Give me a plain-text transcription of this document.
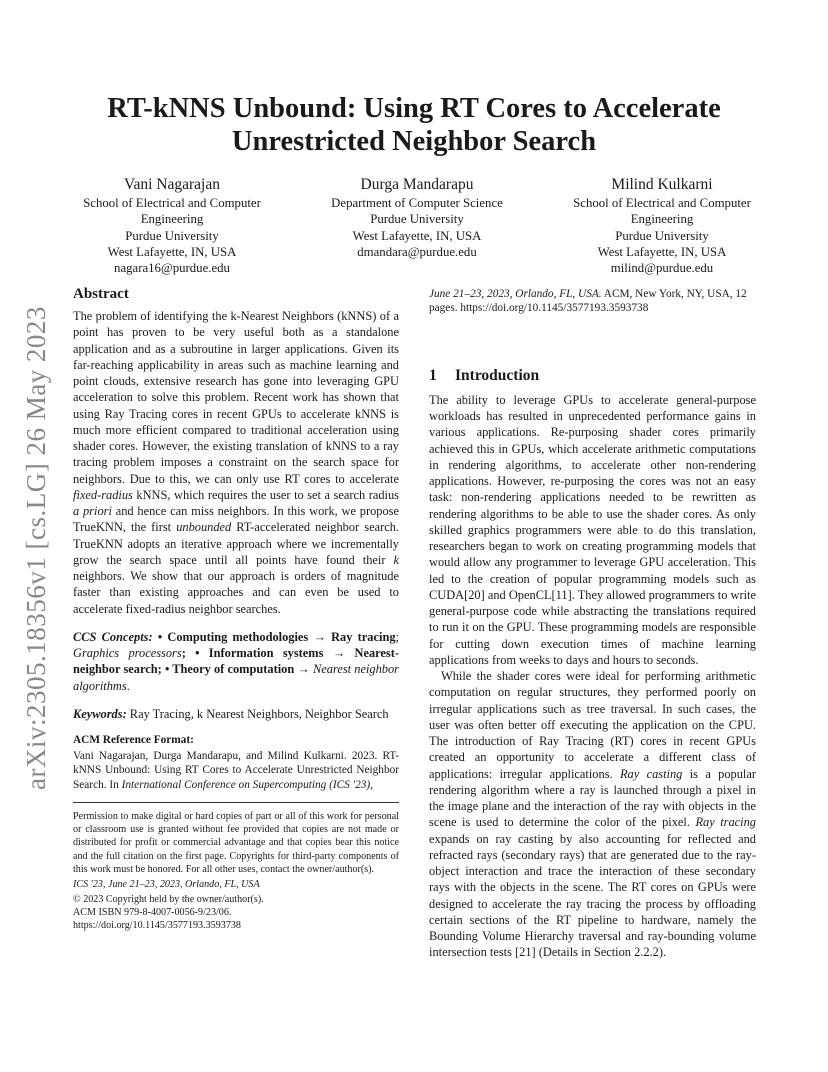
arXiv:2305.18356v1 [cs.LG] 26 May 2023
RT-kNNS Unbound: Using RT Cores to Accelerate
Unrestricted Neighbor Search
Vani Nagarajan
School of Electrical and Computer
Engineering
Purdue University
West Lafayette, IN, USA
nagara16@purdue.edu
Durga Mandarapu
Department of Computer Science
Purdue University
West Lafayette, IN, USA
dmandara@purdue.edu
Milind Kulkarni
School of Electrical and Computer
Engineering
Purdue University
West Lafayette, IN, USA
milind@purdue.edu
Abstract

The problem of identifying the k-Nearest Neighbors (kNNS) of a point has proven to be very useful both as a standalone application and as a subroutine in larger applications. Given its far-reaching applicability in areas such as machine learning and point clouds, extensive research has gone into leveraging GPU acceleration to solve this problem. Recent work has shown that using Ray Tracing cores in recent GPUs to accelerate kNNS is much more efficient compared to traditional acceleration using shader cores. However, the existing translation of kNNS to a ray tracing problem imposes a constraint on the search space for neighbors. Due to this, we can only use RT cores to accelerate fixed-radius kNNS, which requires the user to set a search radius a priori and hence can miss neighbors. In this work, we propose TrueKNN, the first unbounded RT-accelerated neighbor search. TrueKNN adopts an iterative approach where we incrementally grow the search space until all points have found their k neighbors. We show that our approach is orders of magnitude faster than existing approaches and can even be used to accelerate fixed-radius neighbor searches.

CCS Concepts: • Computing methodologies → Ray tracing; Graphics processors; • Information systems → Nearest-neighbor search; • Theory of computation → Nearest neighbor algorithms.

Keywords: Ray Tracing, k Nearest Neighbors, Neighbor Search

ACM Reference Format:

Vani Nagarajan, Durga Mandarapu, and Milind Kulkarni. 2023. RT-kNNS Unbound: Using RT Cores to Accelerate Unrestricted Neighbor Search. In International Conference on Supercomputing (ICS '23),

Permission to make digital or hard copies of part or all of this work for personal or classroom use is granted without fee provided that copies are not made or distributed for profit or commercial advantage and that copies bear this notice and the full citation on the first page. Copyrights for third-party components of this work must be honored. For all other uses, contact the owner/author(s).

ICS '23, June 21–23, 2023, Orlando, FL, USA

© 2023 Copyright held by the owner/author(s).

ACM ISBN 979-8-4007-0056-9/23/06.

https://doi.org/10.1145/3577193.3593738

June 21–23, 2023, Orlando, FL, USA. ACM, New York, NY, USA, 12 pages. https://doi.org/10.1145/3577193.3593738

1 Introduction

The ability to leverage GPUs to accelerate general-purpose workloads has resulted in unprecedented performance gains in various applications. Re-purposing shader cores primarily achieved this in GPUs, which accelerate arithmetic computations in rendering algorithms, to accelerate other non-rendering applications. However, re-purposing the cores was not an easy task: non-rendering applications needed to be rewritten as rendering algorithms to be able to use the shader cores. As only skilled graphics programmers were able to do this translation, researchers began to work on creating programming models that would allow any programmer to leverage GPU acceleration. This led to the creation of popular programming models such as CUDA[20] and OpenCL[11]. They allowed programmers to write general-purpose code while abstracting the translations required to run it on the GPU. These programming models are responsible for cutting down execution times of machine learning applications from weeks to days and hours to seconds.

While the shader cores were ideal for performing arithmetic computation on regular structures, they performed poorly on irregular applications such as tree traversal. In such cases, the user was often better off executing the application on the CPU. The introduction of Ray Tracing (RT) cores in recent GPUs created an opportunity to accelerate a different class of applications: irregular applications. Ray casting is a popular rendering algorithm where a ray is launched through a pixel in the image plane and the interaction of the ray with objects in the scene is used to determine the color of the pixel. Ray tracing expands on ray casting by also accounting for reflected and refracted rays (secondary rays) that are generated due to the ray-object interaction and trace the interaction of these secondary rays with the objects in the scene. The RT cores on GPUs were designed to accelerate the ray tracing the process by offloading certain sections of the RT pipeline to hardware, namely the Bounding Volume Hierarchy traversal and ray-bounding volume intersection tests [21] (Details in Section 2.2.2).
